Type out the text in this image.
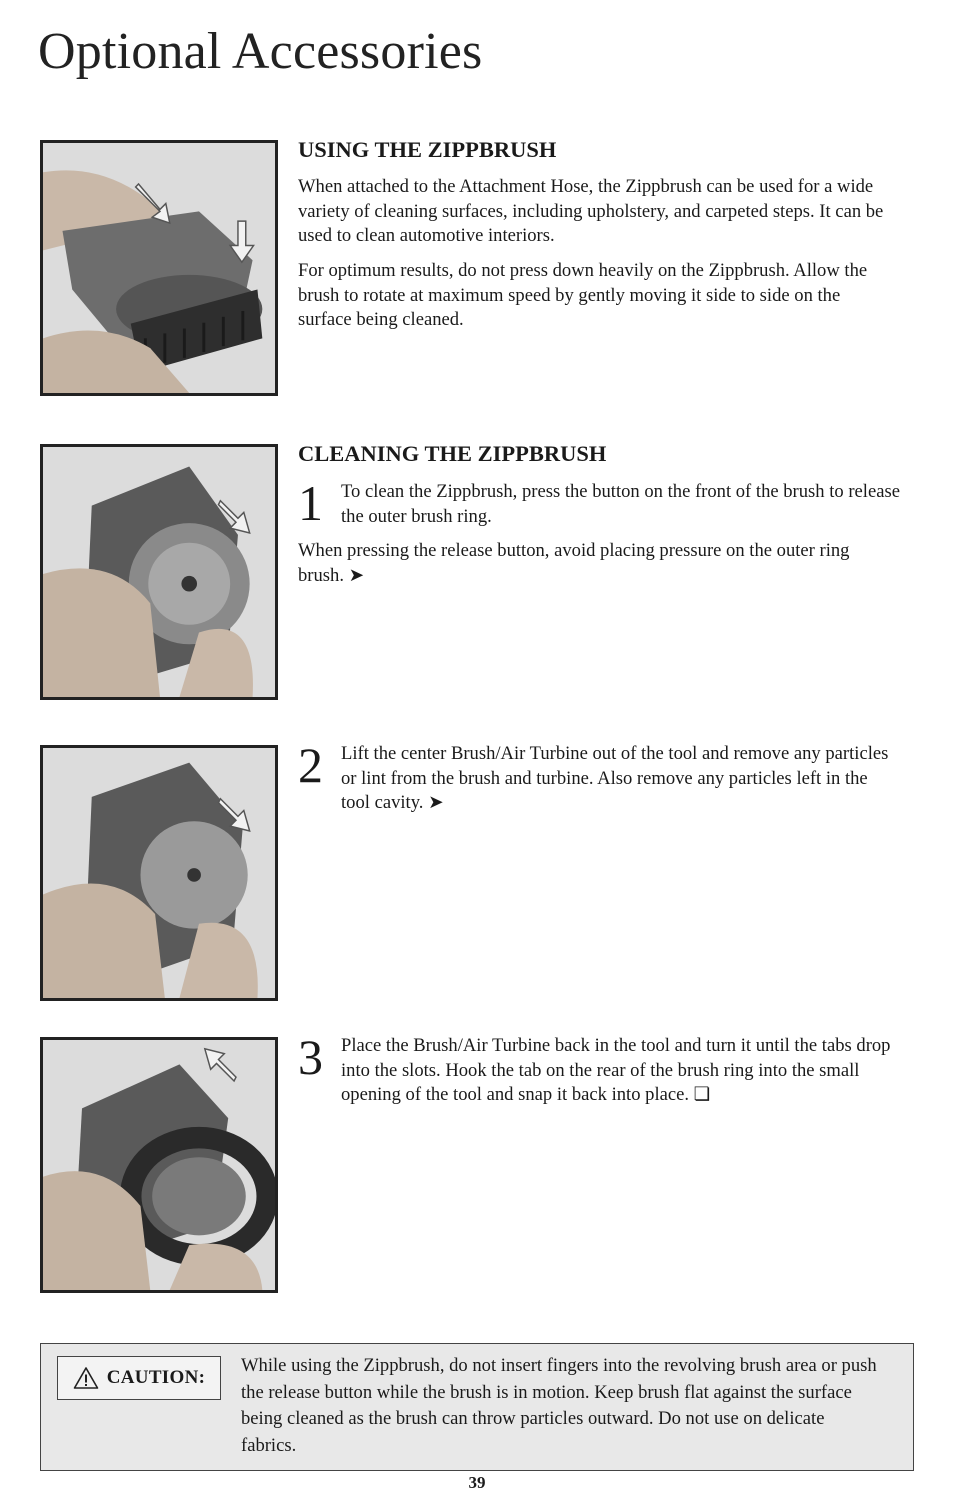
Optional Accessories
USING THE ZIPPBRUSH

When attached to the Attachment Hose, the Zippbrush can be used for a wide variety of cleaning surfaces, including upholstery, and carpeted steps. It can be used to clean automotive interiors.

For optimum results, do not press down heavily on the Zippbrush. Allow the brush to rotate at maximum speed by gently moving it side to side on the surface being cleaned.

CLEANING THE ZIPPBRUSH
1 To clean the Zippbrush, press the button on the front of the brush to release the outer brush ring.

When pressing the release button, avoid placing pressure on the outer ring brush. ➤

2 Lift the center Brush/Air Turbine out of the tool and remove any particles or lint from the brush and turbine. Also remove any particles left in the tool cavity. ➤

3 Place the Brush/Air Turbine back in the tool and turn it until the tabs drop into the slots. Hook the tab on the rear of the brush ring into the small opening of the tool and snap it back into place. ❏

CAUTION:

While using the Zippbrush, do not insert fingers into the revolving brush area or push the release button while the brush is in motion. Keep brush flat against the surface being cleaned as the brush can throw particles outward. Do not use on delicate fabrics.

39
